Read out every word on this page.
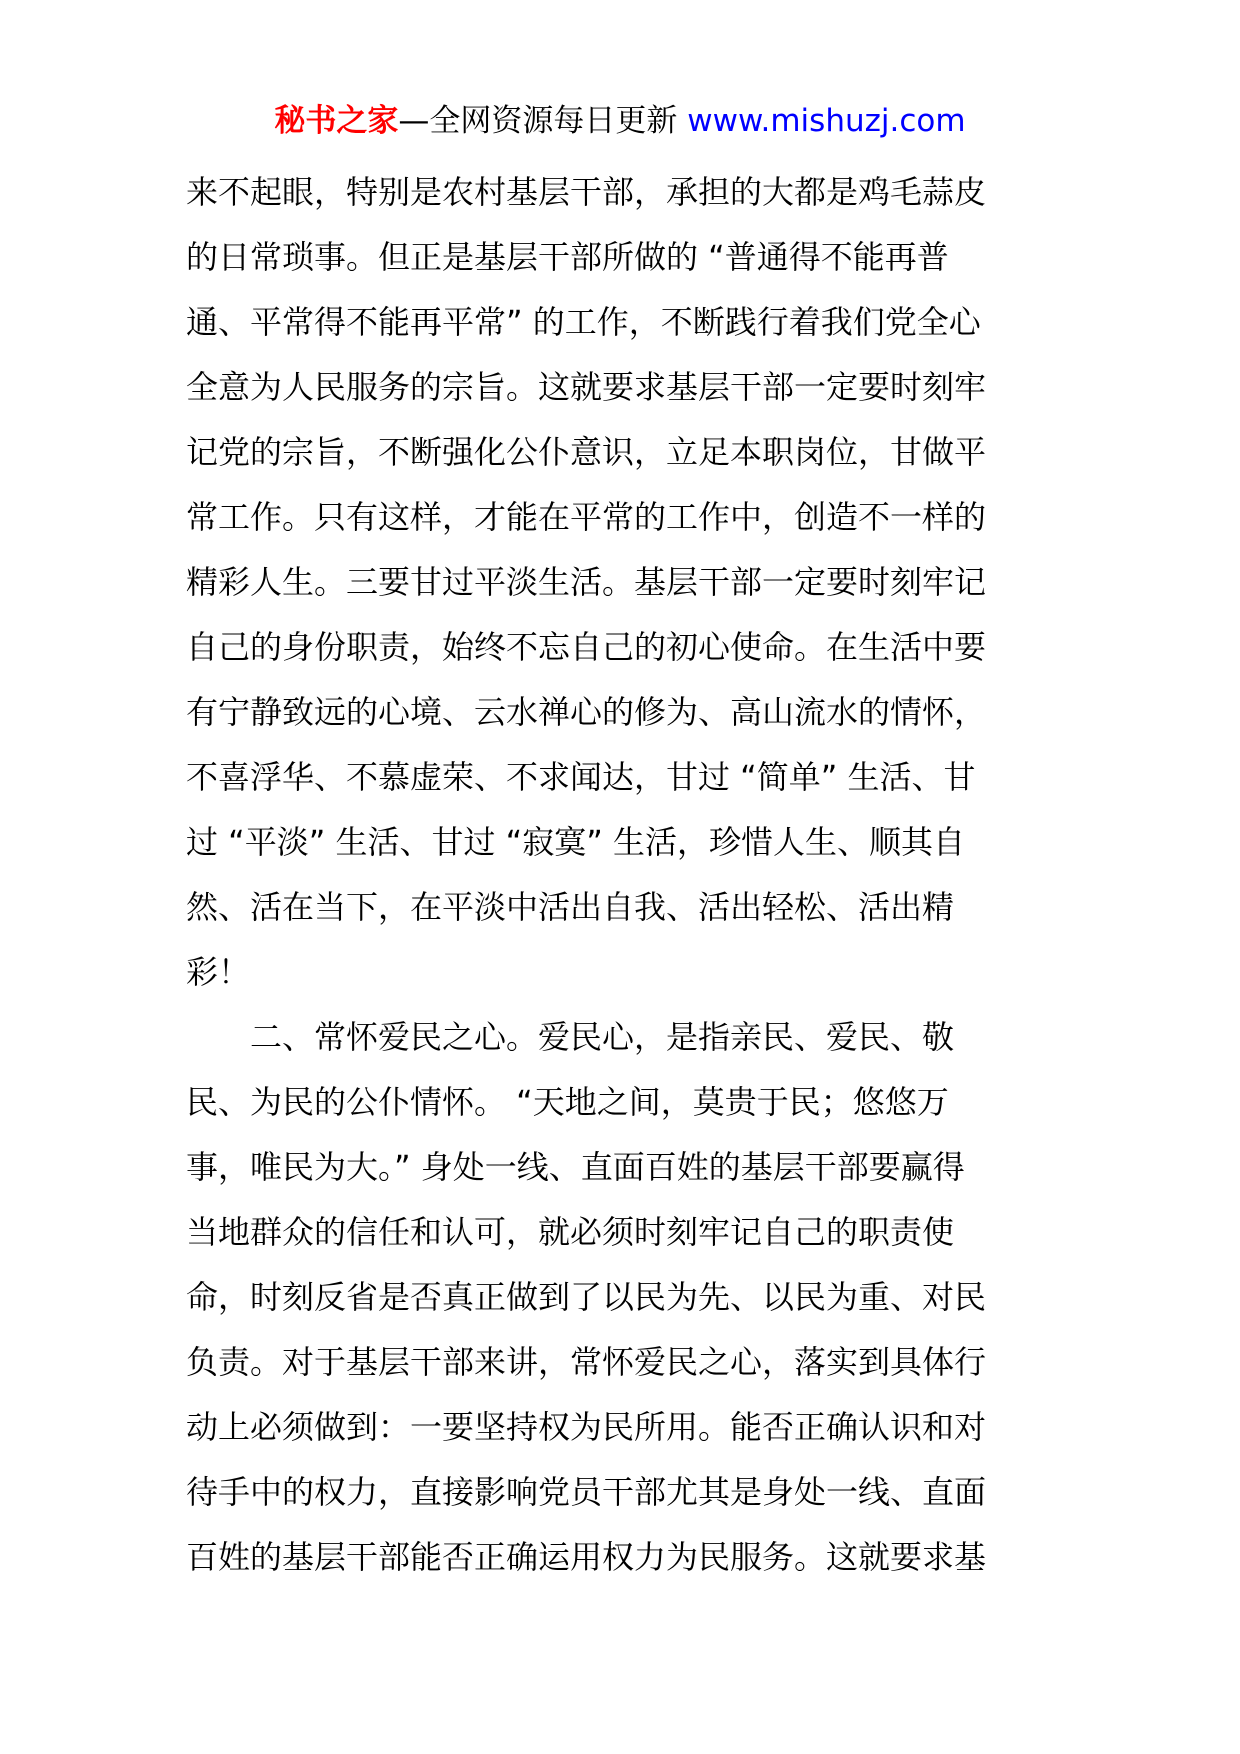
秘书之家—全网资源每日更新 www.mishuzj.com
来不起眼，特别是农村基层干部，承担的大都是鸡毛蒜皮
的日常琐事。但正是基层干部所做的 “普通得不能再普
通、平常得不能再平常” 的工作，不断践行着我们党全心
全意为人民服务的宗旨。这就要求基层干部一定要时刻牢
记党的宗旨，不断强化公仆意识，立足本职岗位，甘做平
常工作。只有这样，才能在平常的工作中，创造不一样的
精彩人生。三要甘过平淡生活。基层干部一定要时刻牢记
自己的身份职责，始终不忘自己的初心使命。在生活中要
有宁静致远的心境、云水禅心的修为、高山流水的情怀，
不喜浮华、不慕虚荣、不求闻达，甘过 “简单” 生活、甘
过 “平淡” 生活、甘过 “寂寞” 生活，珍惜人生、顺其自
然、活在当下，在平淡中活出自我、活出轻松、活出精
彩！
　　二、常怀爱民之心。爱民心，是指亲民、爱民、敬
民、为民的公仆情怀。 “天地之间，莫贵于民；悠悠万
事，唯民为大。” 身处一线、直面百姓的基层干部要赢得
当地群众的信任和认可，就必须时刻牢记自己的职责使
命，时刻反省是否真正做到了以民为先、以民为重、对民
负责。对于基层干部来讲，常怀爱民之心，落实到具体行
动上必须做到：一要坚持权为民所用。能否正确认识和对
待手中的权力，直接影响党员干部尤其是身处一线、直面
百姓的基层干部能否正确运用权力为民服务。这就要求基
